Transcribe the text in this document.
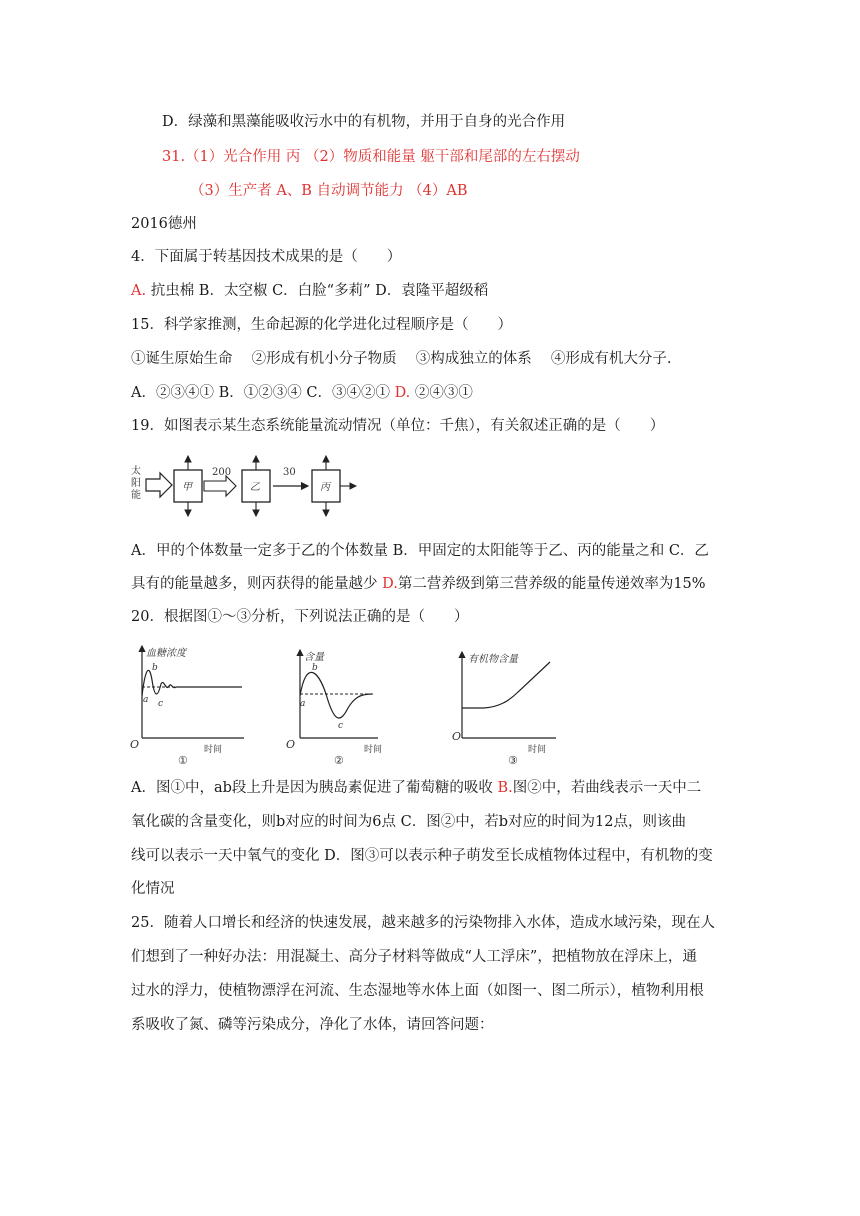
D．绿藻和黑藻能吸收污水中的有机物，并用于自身的光合作用
31.（1）光合作用 丙 （2）物质和能量 躯干部和尾部的左右摆动
（3）生产者 A、B 自动调节能力 （4）AB
2016德州
4．下面属于转基因技术成果的是（　　）
A. 抗虫棉 B．太空椒 C．白脸“多莉” D．袁隆平超级稻
15．科学家推测，生命起源的化学进化过程顺序是（　　）
①诞生原始生命　 ②形成有机小分子物质　 ③构成独立的体系　 ④形成有机大分子.
A．②③④① B．①②③④ C．③④②① D. ②④③①
19．如图表示某生态系统能量流动情况（单位：千焦），有关叙述正确的是（　　）
太
阳
能
甲
200
乙
30
丙
A．甲的个体数量一定多于乙的个体数量 B．甲固定的太阳能等于乙、丙的能量之和 C．乙
具有的能量越多，则丙获得的能量越少 D.第二营养级到第三营养级的能量传递效率为15%
20．根据图①～③分析，下列说法正确的是（　　）
血糖浓度
O	时间
①
a
b
c
含量
O	时间
②
a
b
c
有机物含量
O
时间
③
A．图①中，ab段上升是因为胰岛素促进了葡萄糖的吸收 B.图②中，若曲线表示一天中二
氧化碳的含量变化，则b对应的时间为6点 C．图②中，若b对应的时间为12点，则该曲
线可以表示一天中氧气的变化 D．图③可以表示种子萌发至长成植物体过程中，有机物的变
化情况
25．随着人口增长和经济的快速发展，越来越多的污染物排入水体，造成水域污染，现在人
们想到了一种好办法：用混凝土、高分子材料等做成“人工浮床”，把植物放在浮床上，通
过水的浮力，使植物漂浮在河流、生态湿地等水体上面（如图一、图二所示），植物利用根
系吸收了氮、磷等污染成分，净化了水体，请回答问题：
